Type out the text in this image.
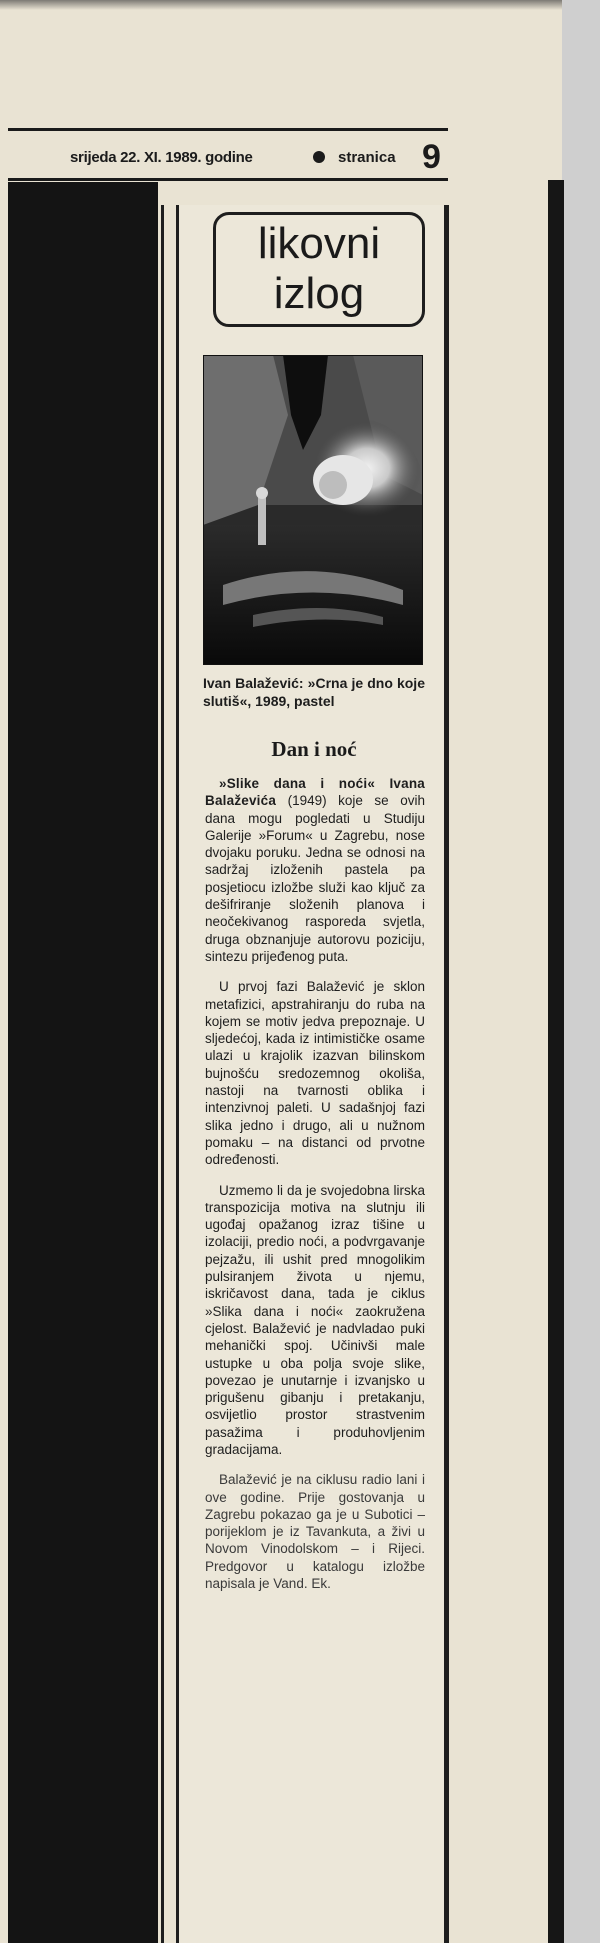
srijeda 22. XI. 1989. godine	stranica 9
likovni
izlog
Ivan Balažević: »Crna je dno koje slutiš«, 1989, pastel
Dan i noć

»Slike dana i noći« Ivana Balaževića (1949) koje se ovih dana mogu pogledati u Studiju Galerije »Forum« u Zagrebu, nose dvojaku poruku. Jedna se odnosi na sadržaj izloženih pastela pa posjetiocu izložbe služi kao ključ za dešifriranje složenih planova i neočekivanog rasporeda svjetla, druga obznanjuje autorovu poziciju, sintezu prijeđenog puta.

U prvoj fazi Balažević je sklon metafizici, apstrahiranju do ruba na kojem se motiv jedva prepoznaje. U sljedećoj, kada iz intimističke osame ulazi u krajolik izazvan bilinskom bujnošću sredozemnog okoliša, nastoji na tvarnosti oblika i intenzivnoj paleti. U sadašnjoj fazi slika jedno i drugo, ali u nužnom pomaku – na distanci od prvotne određenosti.

Uzmemo li da je svojedobna lirska transpozicija motiva na slutnju ili ugođaj opažanog izraz tišine u izolaciji, predio noći, a podvrgavanje pejzažu, ili ushit pred mnogolikim pulsiranjem života u njemu, iskričavost dana, tada je ciklus »Slika dana i noći« zaokružena cjelost. Balažević je nadvladao puki mehanički spoj. Učinivši male ustupke u oba polja svoje slike, povezao je unutarnje i izvanjsko u prigušenu gibanju i pretakanju, osvijetlio prostor strastvenim pasažima i produhovljenim gradacijama.

Balažević je na ciklusu radio lani i ove godine. Prije gostovanja u Zagrebu pokazao ga je u Subotici – porijeklom je iz Tavankuta, a živi u Novom Vinodolskom – i Rijeci. Predgovor u katalogu izložbe napisala je Vand. Ek.
